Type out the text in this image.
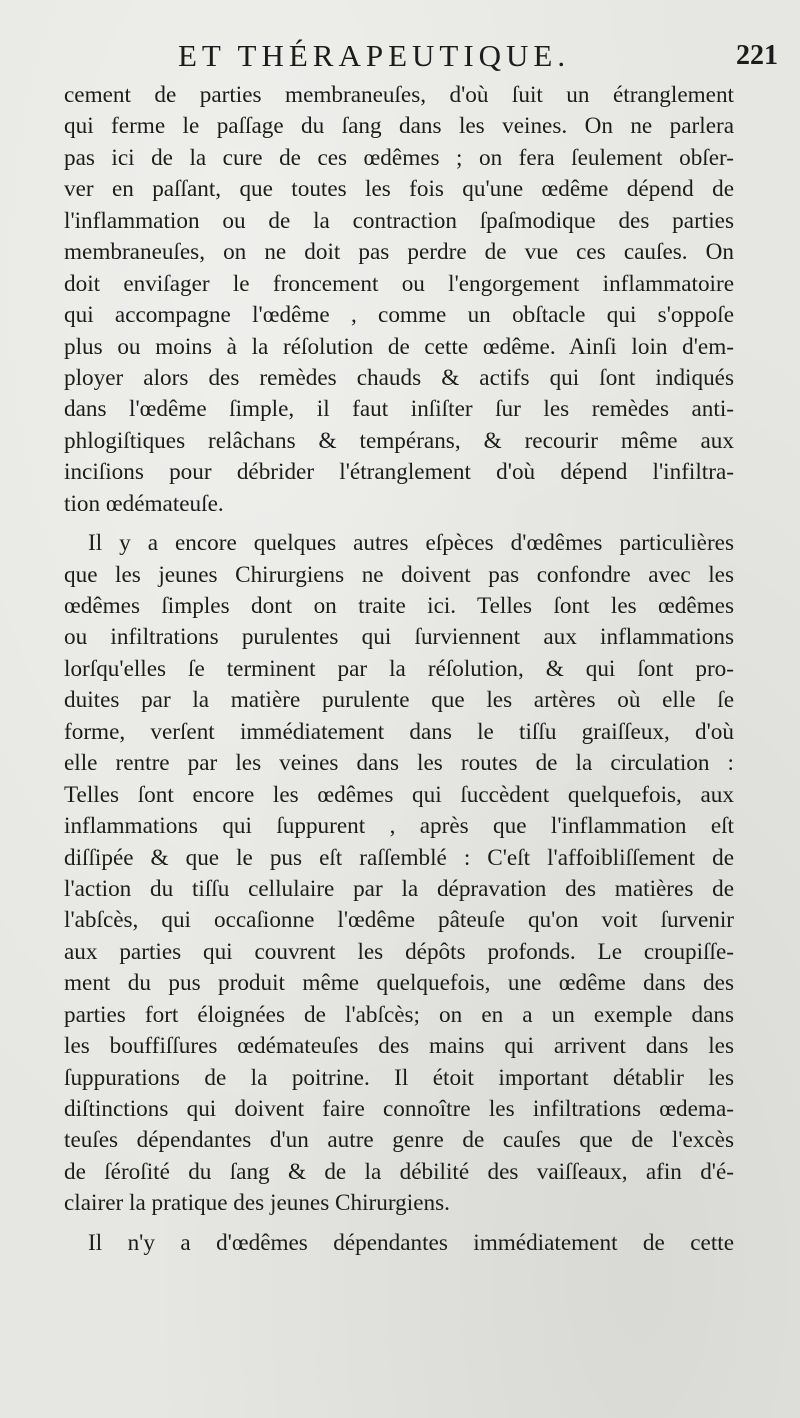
ET THÉRAPEUTIQUE.	221
cement de parties membraneuſes, d'où ſuit un étranglement
qui ferme le paſſage du ſang dans les veines. On ne parlera
pas ici de la cure de ces œdêmes ; on fera ſeulement obſer-
ver en paſſant, que toutes les fois qu'une œdême dépend de
l'inflammation ou de la contraction ſpaſmodique des parties
membraneuſes, on ne doit pas perdre de vue ces cauſes. On
doit enviſager le froncement ou l'engorgement inflammatoire
qui accompagne l'œdême , comme un obſtacle qui s'oppoſe
plus ou moins à la réſolution de cette œdême. Ainſi loin d'em-
ployer alors des remèdes chauds & actifs qui ſont indiqués
dans l'œdême ſimple, il faut inſiſter ſur les remèdes anti-
phlogiſtiques relâchans & tempérans, & recourir même aux
inciſions pour débrider l'étranglement d'où dépend l'infiltra-
tion œdémateuſe.
Il y a encore quelques autres eſpèces d'œdêmes particulières
que les jeunes Chirurgiens ne doivent pas confondre avec les
œdêmes ſimples dont on traite ici. Telles ſont les œdêmes
ou infiltrations purulentes qui ſurviennent aux inflammations
lorſqu'elles ſe terminent par la réſolution, & qui ſont pro-
duites par la matière purulente que les artères où elle ſe
forme, verſent immédiatement dans le tiſſu graiſſeux, d'où
elle rentre par les veines dans les routes de la circulation :
Telles ſont encore les œdêmes qui ſuccèdent quelquefois, aux
inflammations qui ſuppurent , après que l'inflammation eſt
diſſipée & que le pus eſt raſſemblé : C'eſt l'affoibliſſement de
l'action du tiſſu cellulaire par la dépravation des matières de
l'abſcès, qui occaſionne l'œdême pâteuſe qu'on voit ſurvenir
aux parties qui couvrent les dépôts profonds. Le croupiſſe-
ment du pus produit même quelquefois, une œdême dans des
parties fort éloignées de l'abſcès; on en a un exemple dans
les bouffiſſures œdémateuſes des mains qui arrivent dans les
ſuppurations de la poitrine. Il étoit important détablir les
diſtinctions qui doivent faire connoître les infiltrations œdema-
teuſes dépendantes d'un autre genre de cauſes que de l'excès
de ſéroſité du ſang & de la débilité des vaiſſeaux, afin d'é-
clairer la pratique des jeunes Chirurgiens.
Il n'y a d'œdêmes dépendantes immédiatement de cette
